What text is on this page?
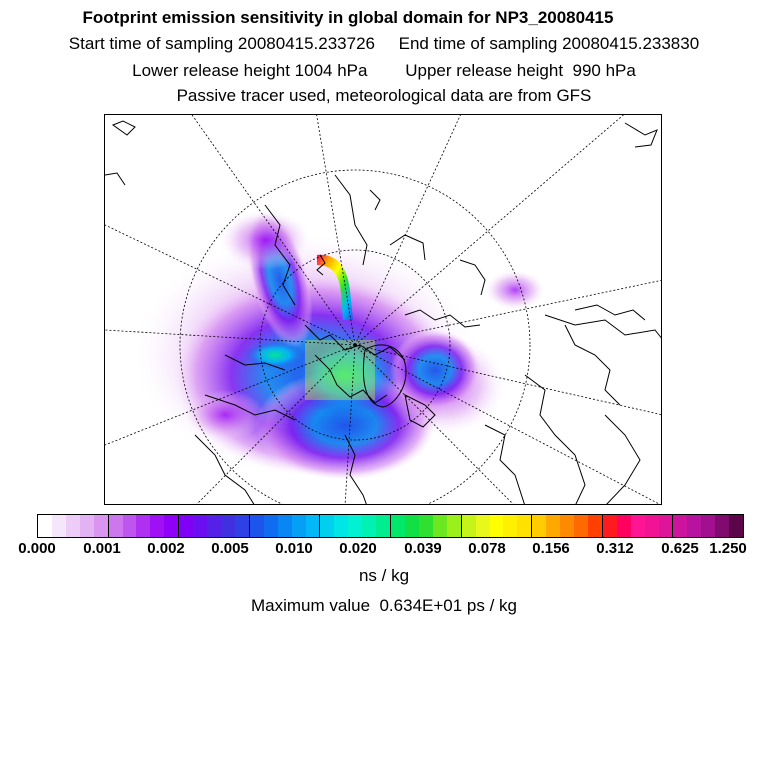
Footprint emission sensitivity in global domain for NP3_20080415
Start time of sampling 20080415.233726     End time of sampling 20080415.233830
Lower release height 1004 hPa        Upper release height  990 hPa
Passive tracer used, meteorological data are from GFS
0.000 0.001 0.002 0.005 0.010 0.020 0.039 0.078 0.156 0.312 0.625 1.250
ns / kg
Maximum value  0.634E+01 ps / kg
